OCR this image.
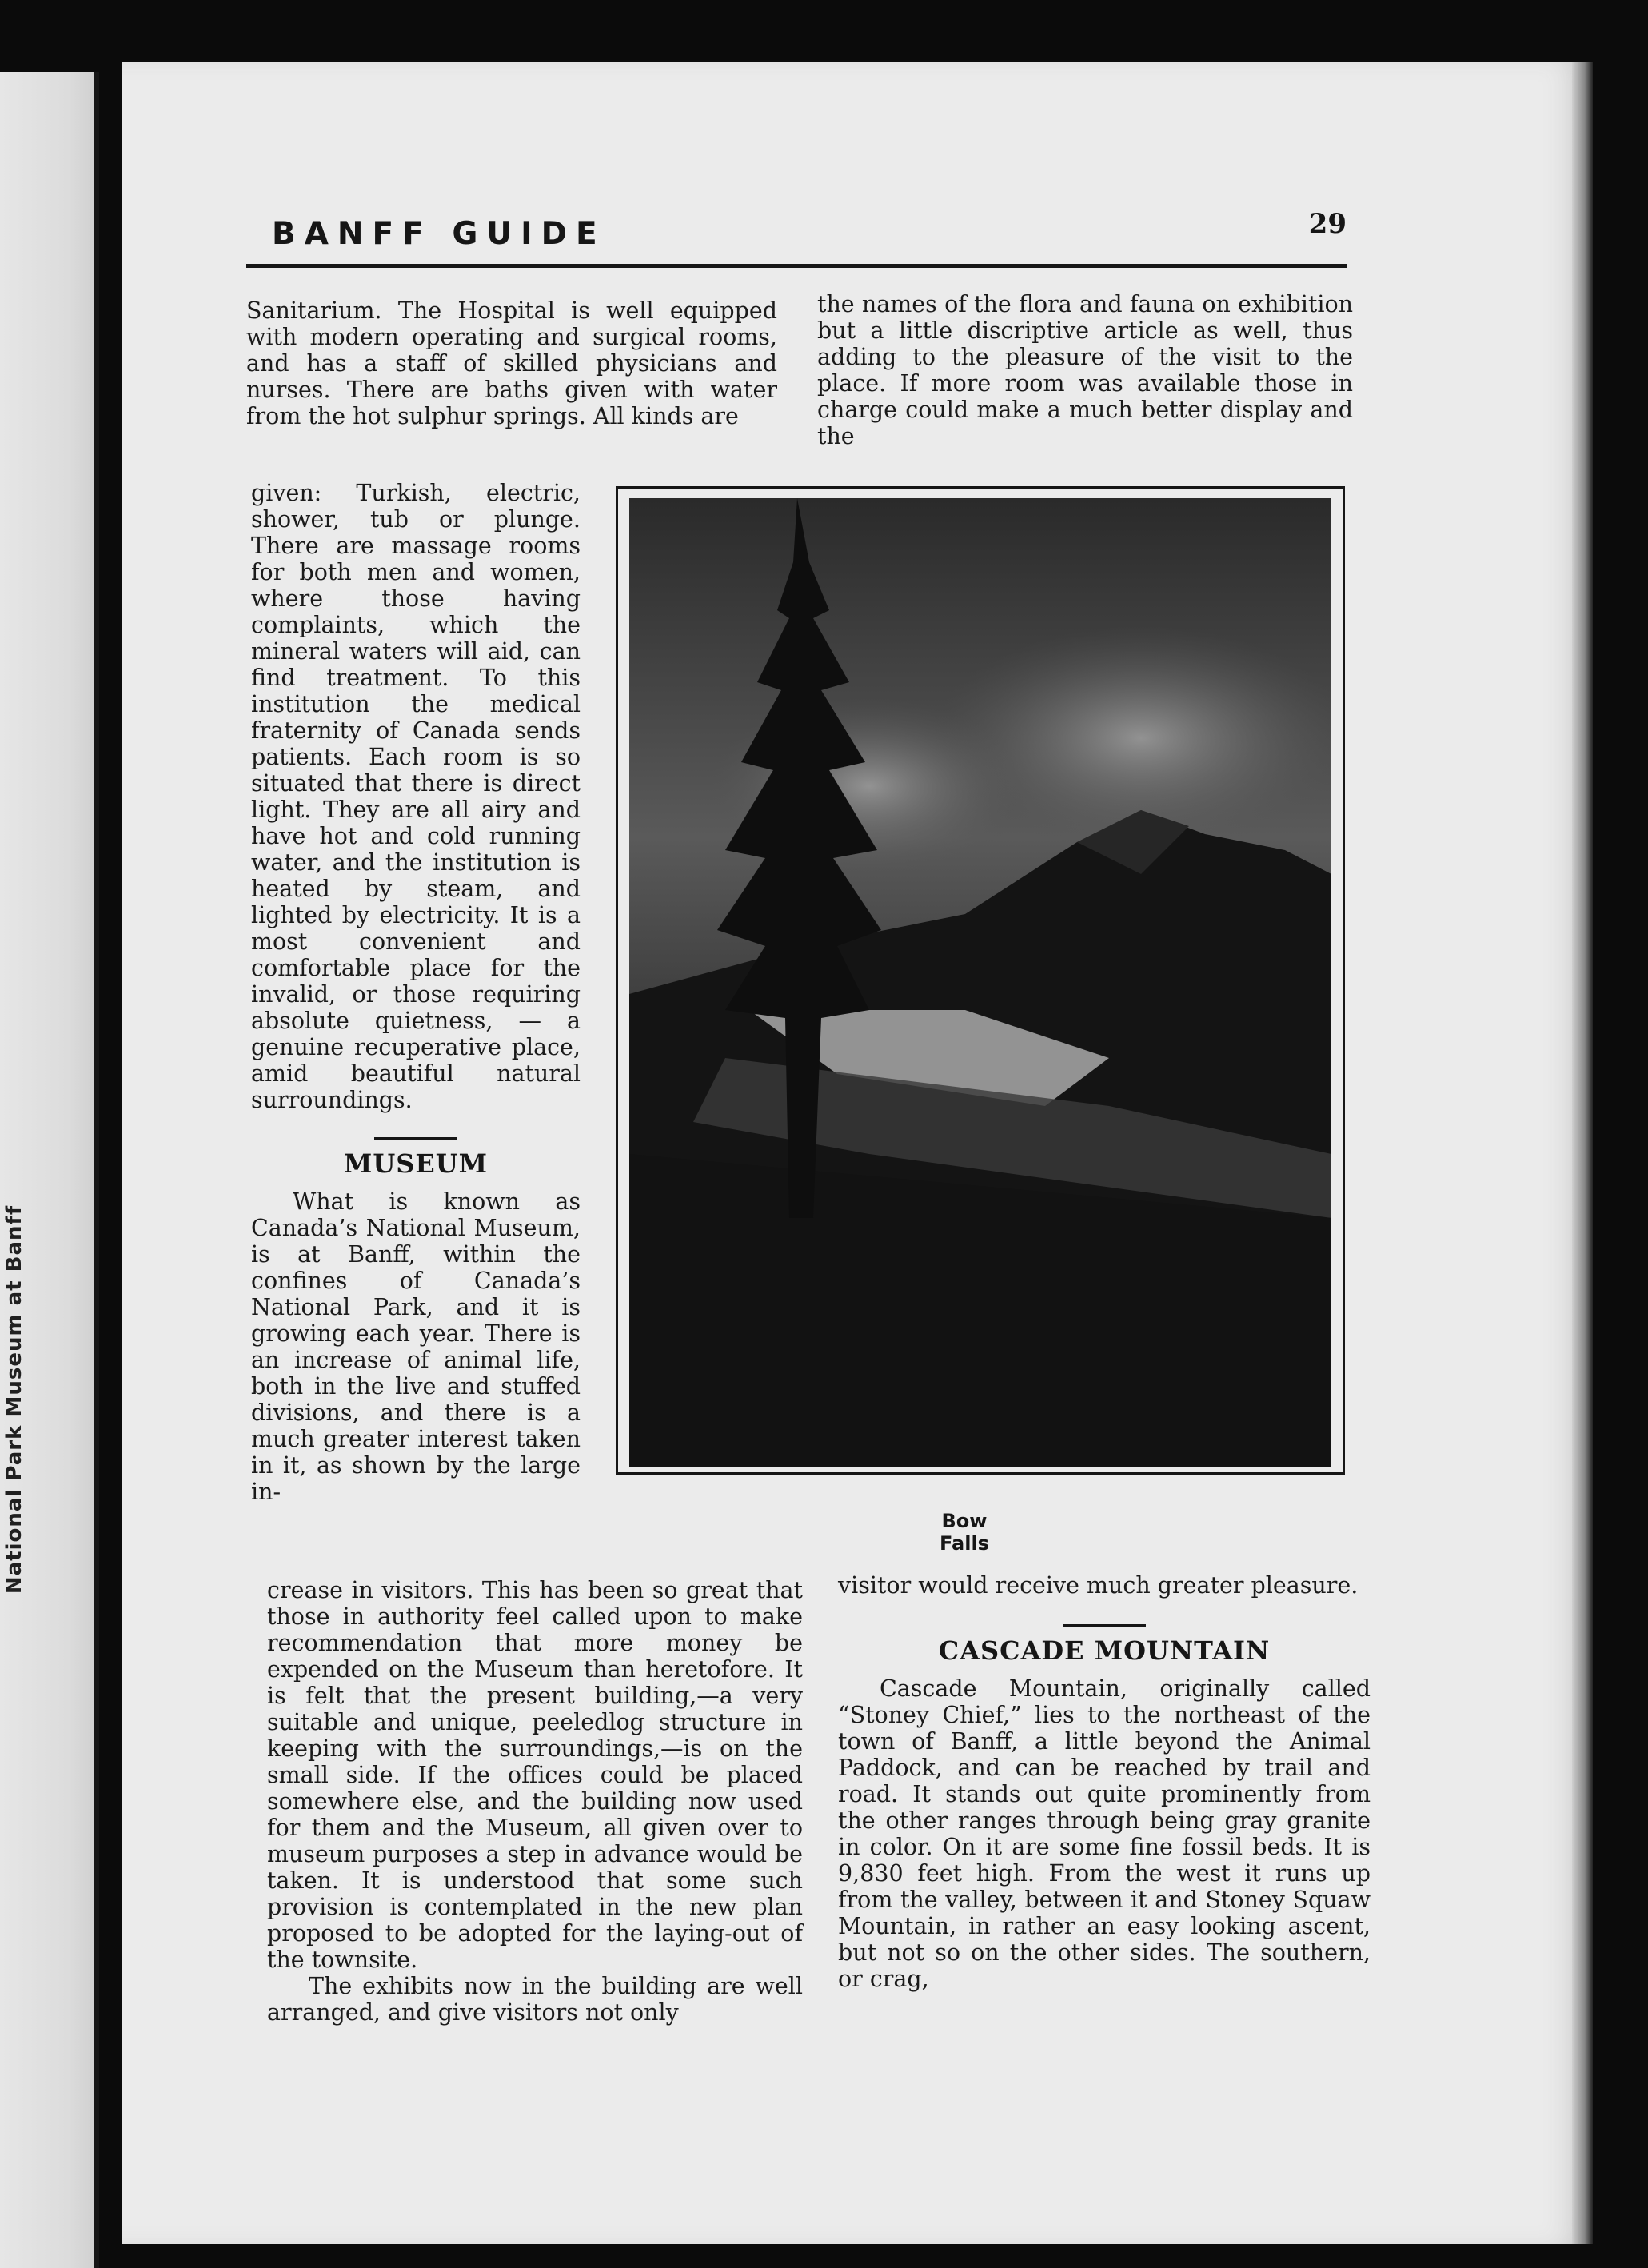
National Park Museum at Banff
BANFF GUIDE	29

Sanitarium. The Hospital is well equipped with modern operating and surgical rooms, and has a staff of skilled physicians and nurses. There are baths given with water from the hot sulphur springs. All kinds are

given: Turkish, electric, shower, tub or plunge. There are massage rooms for both men and women, where those having complaints, which the mineral waters will aid, can find treatment. To this institution the medical fraternity of Canada sends patients. Each room is so situated that there is direct light. They are all airy and have hot and cold running water, and the institution is heated by steam, and lighted by electricity. It is a most convenient and comfortable place for the invalid, or those requiring absolute quietness, — a genuine recuperative place, amid beautiful natural surroundings.

MUSEUM

What is known as Canada’s National Museum, is at Banff, within the confines of Canada’s National Park, and it is growing each year. There is an increase of animal life, both in the live and stuffed divisions, and there is a much greater interest taken in it, as shown by the large in-

crease in visitors. This has been so great that those in authority feel called upon to make recommendation that more money be expended on the Museum than heretofore. It is felt that the present building,—a very suitable and unique, peeledlog structure in keeping with the surroundings,—is on the small side. If the offices could be placed somewhere else, and the building now used for them and the Museum, all given over to museum purposes a step in advance would be taken. It is understood that some such provision is contemplated in the new plan proposed to be adopted for the laying-out of the townsite.

The exhibits now in the building are well arranged, and give visitors not only

the names of the flora and fauna on exhibition but a little discriptive article as well, thus adding to the pleasure of the visit to the place. If more room was available those in charge could make a much better display and the

Bow Falls

visitor would receive much greater pleasure.

CASCADE MOUNTAIN

Cascade Mountain, originally called “Stoney Chief,” lies to the northeast of the town of Banff, a little beyond the Animal Paddock, and can be reached by trail and road. It stands out quite prominently from the other ranges through being gray granite in color. On it are some fine fossil beds. It is 9,830 feet high. From the west it runs up from the valley, between it and Stoney Squaw Mountain, in rather an easy looking ascent, but not so on the other sides. The southern, or crag,
